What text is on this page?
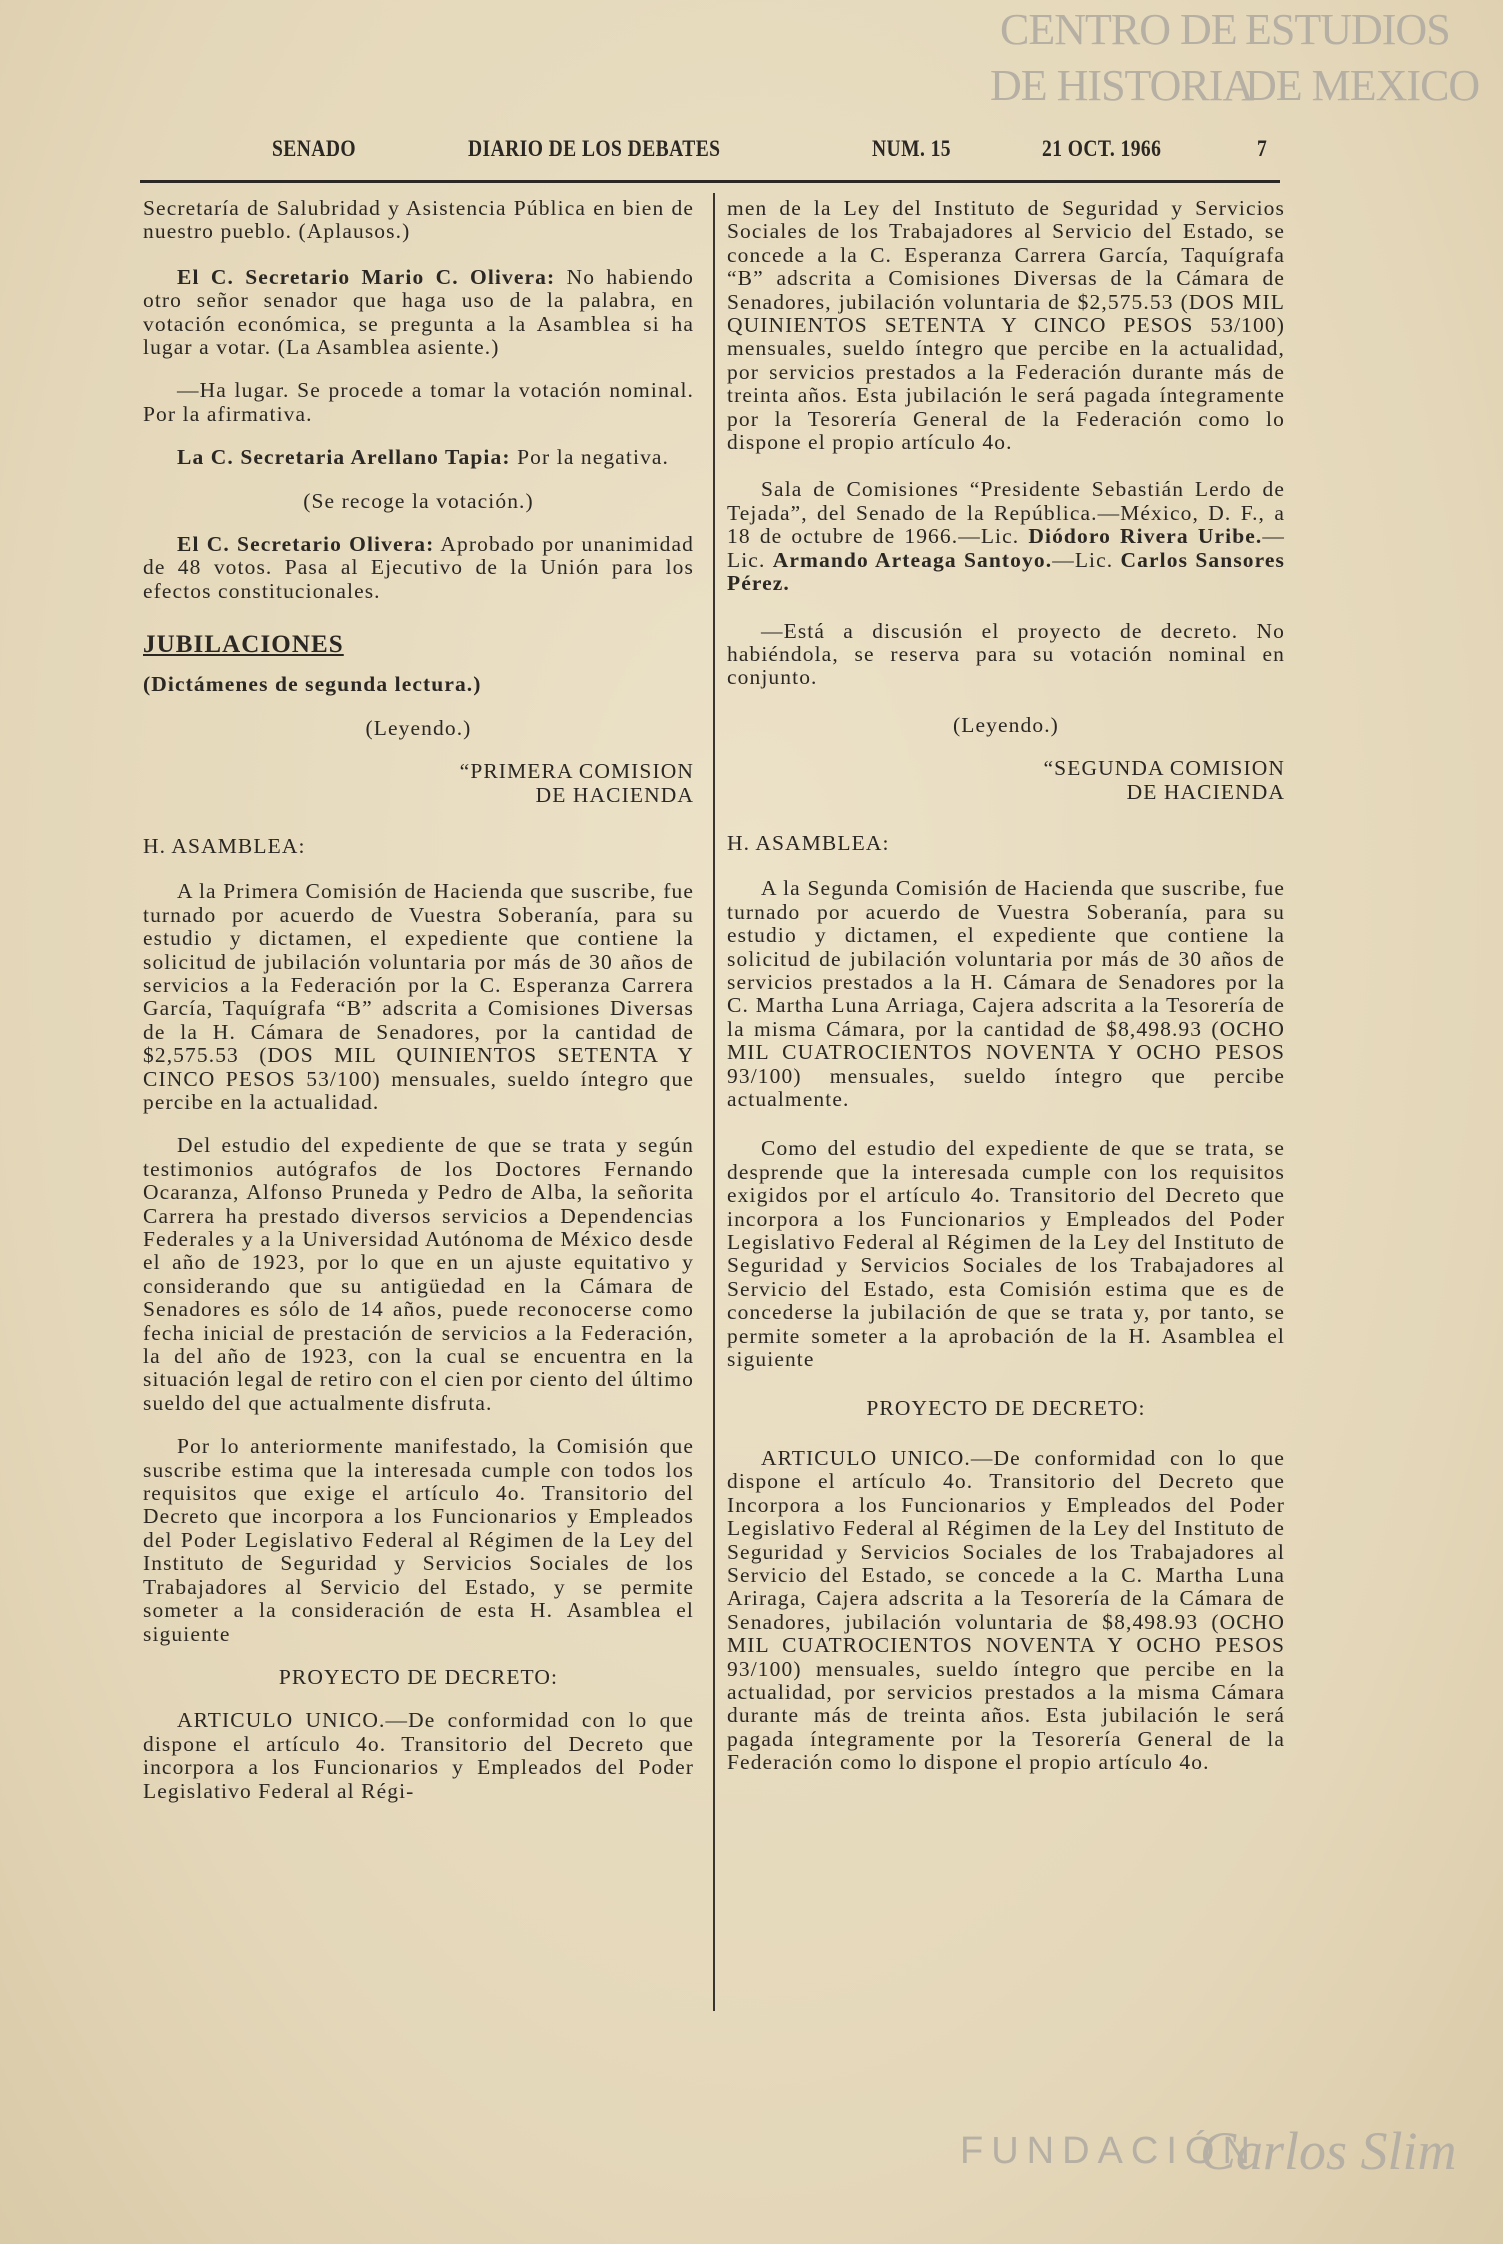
CENTRO DE ESTUDIOS
DE HISTORIA
DE MEXICO
FUNDACIÓN
Carlos Slim
SENADO	DIARIO DE LOS DEBATES	NUM. 15	21 OCT. 1966	7
Secretaría de Salubridad y Asistencia Pública en bien de nuestro pueblo. (Aplausos.)
El C. Secretario Mario C. Olivera: No habiendo otro señor senador que haga uso de la palabra, en votación económica, se pregunta a la Asamblea si ha lugar a votar. (La Asamblea asiente.)
—Ha lugar. Se procede a tomar la votación nominal. Por la afirmativa.
La C. Secretaria Arellano Tapia: Por la negativa.
(Se recoge la votación.)
El C. Secretario Olivera: Aprobado por unanimidad de 48 votos. Pasa al Ejecutivo de la Unión para los efectos constitucionales.
JUBILACIONES
(Dictámenes de segunda lectura.)
(Leyendo.)
“PRIMERA COMISION
DE HACIENDA
H. ASAMBLEA:
A la Primera Comisión de Hacienda que suscribe, fue turnado por acuerdo de Vuestra Soberanía, para su estudio y dictamen, el expediente que contiene la solicitud de jubilación voluntaria por más de 30 años de servicios a la Federación por la C. Esperanza Carrera García, Taquígrafa “B” adscrita a Comisiones Diversas de la H. Cámara de Senadores, por la cantidad de $2,575.53 (DOS MIL QUINIENTOS SETENTA Y CINCO PESOS 53/100) mensuales, sueldo íntegro que percibe en la actualidad.
Del estudio del expediente de que se trata y según testimonios autógrafos de los Doctores Fernando Ocaranza, Alfonso Pruneda y Pedro de Alba, la señorita Carrera ha prestado diversos servicios a Dependencias Federales y a la Universidad Autónoma de México desde el año de 1923, por lo que en un ajuste equitativo y considerando que su antigüedad en la Cámara de Senadores es sólo de 14 años, puede reconocerse como fecha inicial de prestación de servicios a la Federación, la del año de 1923, con la cual se encuentra en la situación legal de retiro con el cien por ciento del último sueldo del que actualmente disfruta.
Por lo anteriormente manifestado, la Comisión que suscribe estima que la interesada cumple con todos los requisitos que exige el artículo 4o. Transitorio del Decreto que incorpora a los Funcionarios y Empleados del Poder Legislativo Federal al Régimen de la Ley del Instituto de Seguridad y Servicios Sociales de los Trabajadores al Servicio del Estado, y se permite someter a la consideración de esta H. Asamblea el siguiente
PROYECTO DE DECRETO:
ARTICULO UNICO.—De conformidad con lo que dispone el artículo 4o. Transitorio del Decreto que incorpora a los Funcionarios y Empleados del Poder Legislativo Federal al Régi-
men de la Ley del Instituto de Seguridad y Servicios Sociales de los Trabajadores al Servicio del Estado, se concede a la C. Esperanza Carrera García, Taquígrafa “B” adscrita a Comisiones Diversas de la Cámara de Senadores, jubilación voluntaria de $2,575.53 (DOS MIL QUINIENTOS SETENTA Y CINCO PESOS 53/100) mensuales, sueldo íntegro que percibe en la actualidad, por servicios prestados a la Federación durante más de treinta años. Esta jubilación le será pagada íntegramente por la Tesorería General de la Federación como lo dispone el propio artículo 4o.
Sala de Comisiones “Presidente Sebastián Lerdo de Tejada”, del Senado de la República.—México, D. F., a 18 de octubre de 1966.—Lic. Diódoro Rivera Uribe.—Lic. Armando Arteaga Santoyo.—Lic. Carlos Sansores Pérez.
—Está a discusión el proyecto de decreto. No habiéndola, se reserva para su votación nominal en conjunto.
(Leyendo.)
“SEGUNDA COMISION
DE HACIENDA
H. ASAMBLEA:
A la Segunda Comisión de Hacienda que suscribe, fue turnado por acuerdo de Vuestra Soberanía, para su estudio y dictamen, el expediente que contiene la solicitud de jubilación voluntaria por más de 30 años de servicios prestados a la H. Cámara de Senadores por la C. Martha Luna Arriaga, Cajera adscrita a la Tesorería de la misma Cámara, por la cantidad de $8,498.93 (OCHO MIL CUATROCIENTOS NOVENTA Y OCHO PESOS 93/100) mensuales, sueldo íntegro que percibe actualmente.
Como del estudio del expediente de que se trata, se desprende que la interesada cumple con los requisitos exigidos por el artículo 4o. Transitorio del Decreto que incorpora a los Funcionarios y Empleados del Poder Legislativo Federal al Régimen de la Ley del Instituto de Seguridad y Servicios Sociales de los Trabajadores al Servicio del Estado, esta Comisión estima que es de concederse la jubilación de que se trata y, por tanto, se permite someter a la aprobación de la H. Asamblea el siguiente
PROYECTO DE DECRETO:
ARTICULO UNICO.—De conformidad con lo que dispone el artículo 4o. Transitorio del Decreto que Incorpora a los Funcionarios y Empleados del Poder Legislativo Federal al Régimen de la Ley del Instituto de Seguridad y Servicios Sociales de los Trabajadores al Servicio del Estado, se concede a la C. Martha Luna Ariraga, Cajera adscrita a la Tesorería de la Cámara de Senadores, jubilación voluntaria de $8,498.93 (OCHO MIL CUATROCIENTOS NOVENTA Y OCHO PESOS 93/100) mensuales, sueldo íntegro que percibe en la actualidad, por servicios prestados a la misma Cámara durante más de treinta años. Esta jubilación le será pagada íntegramente por la Tesorería General de la Federación como lo dispone el propio artículo 4o.
